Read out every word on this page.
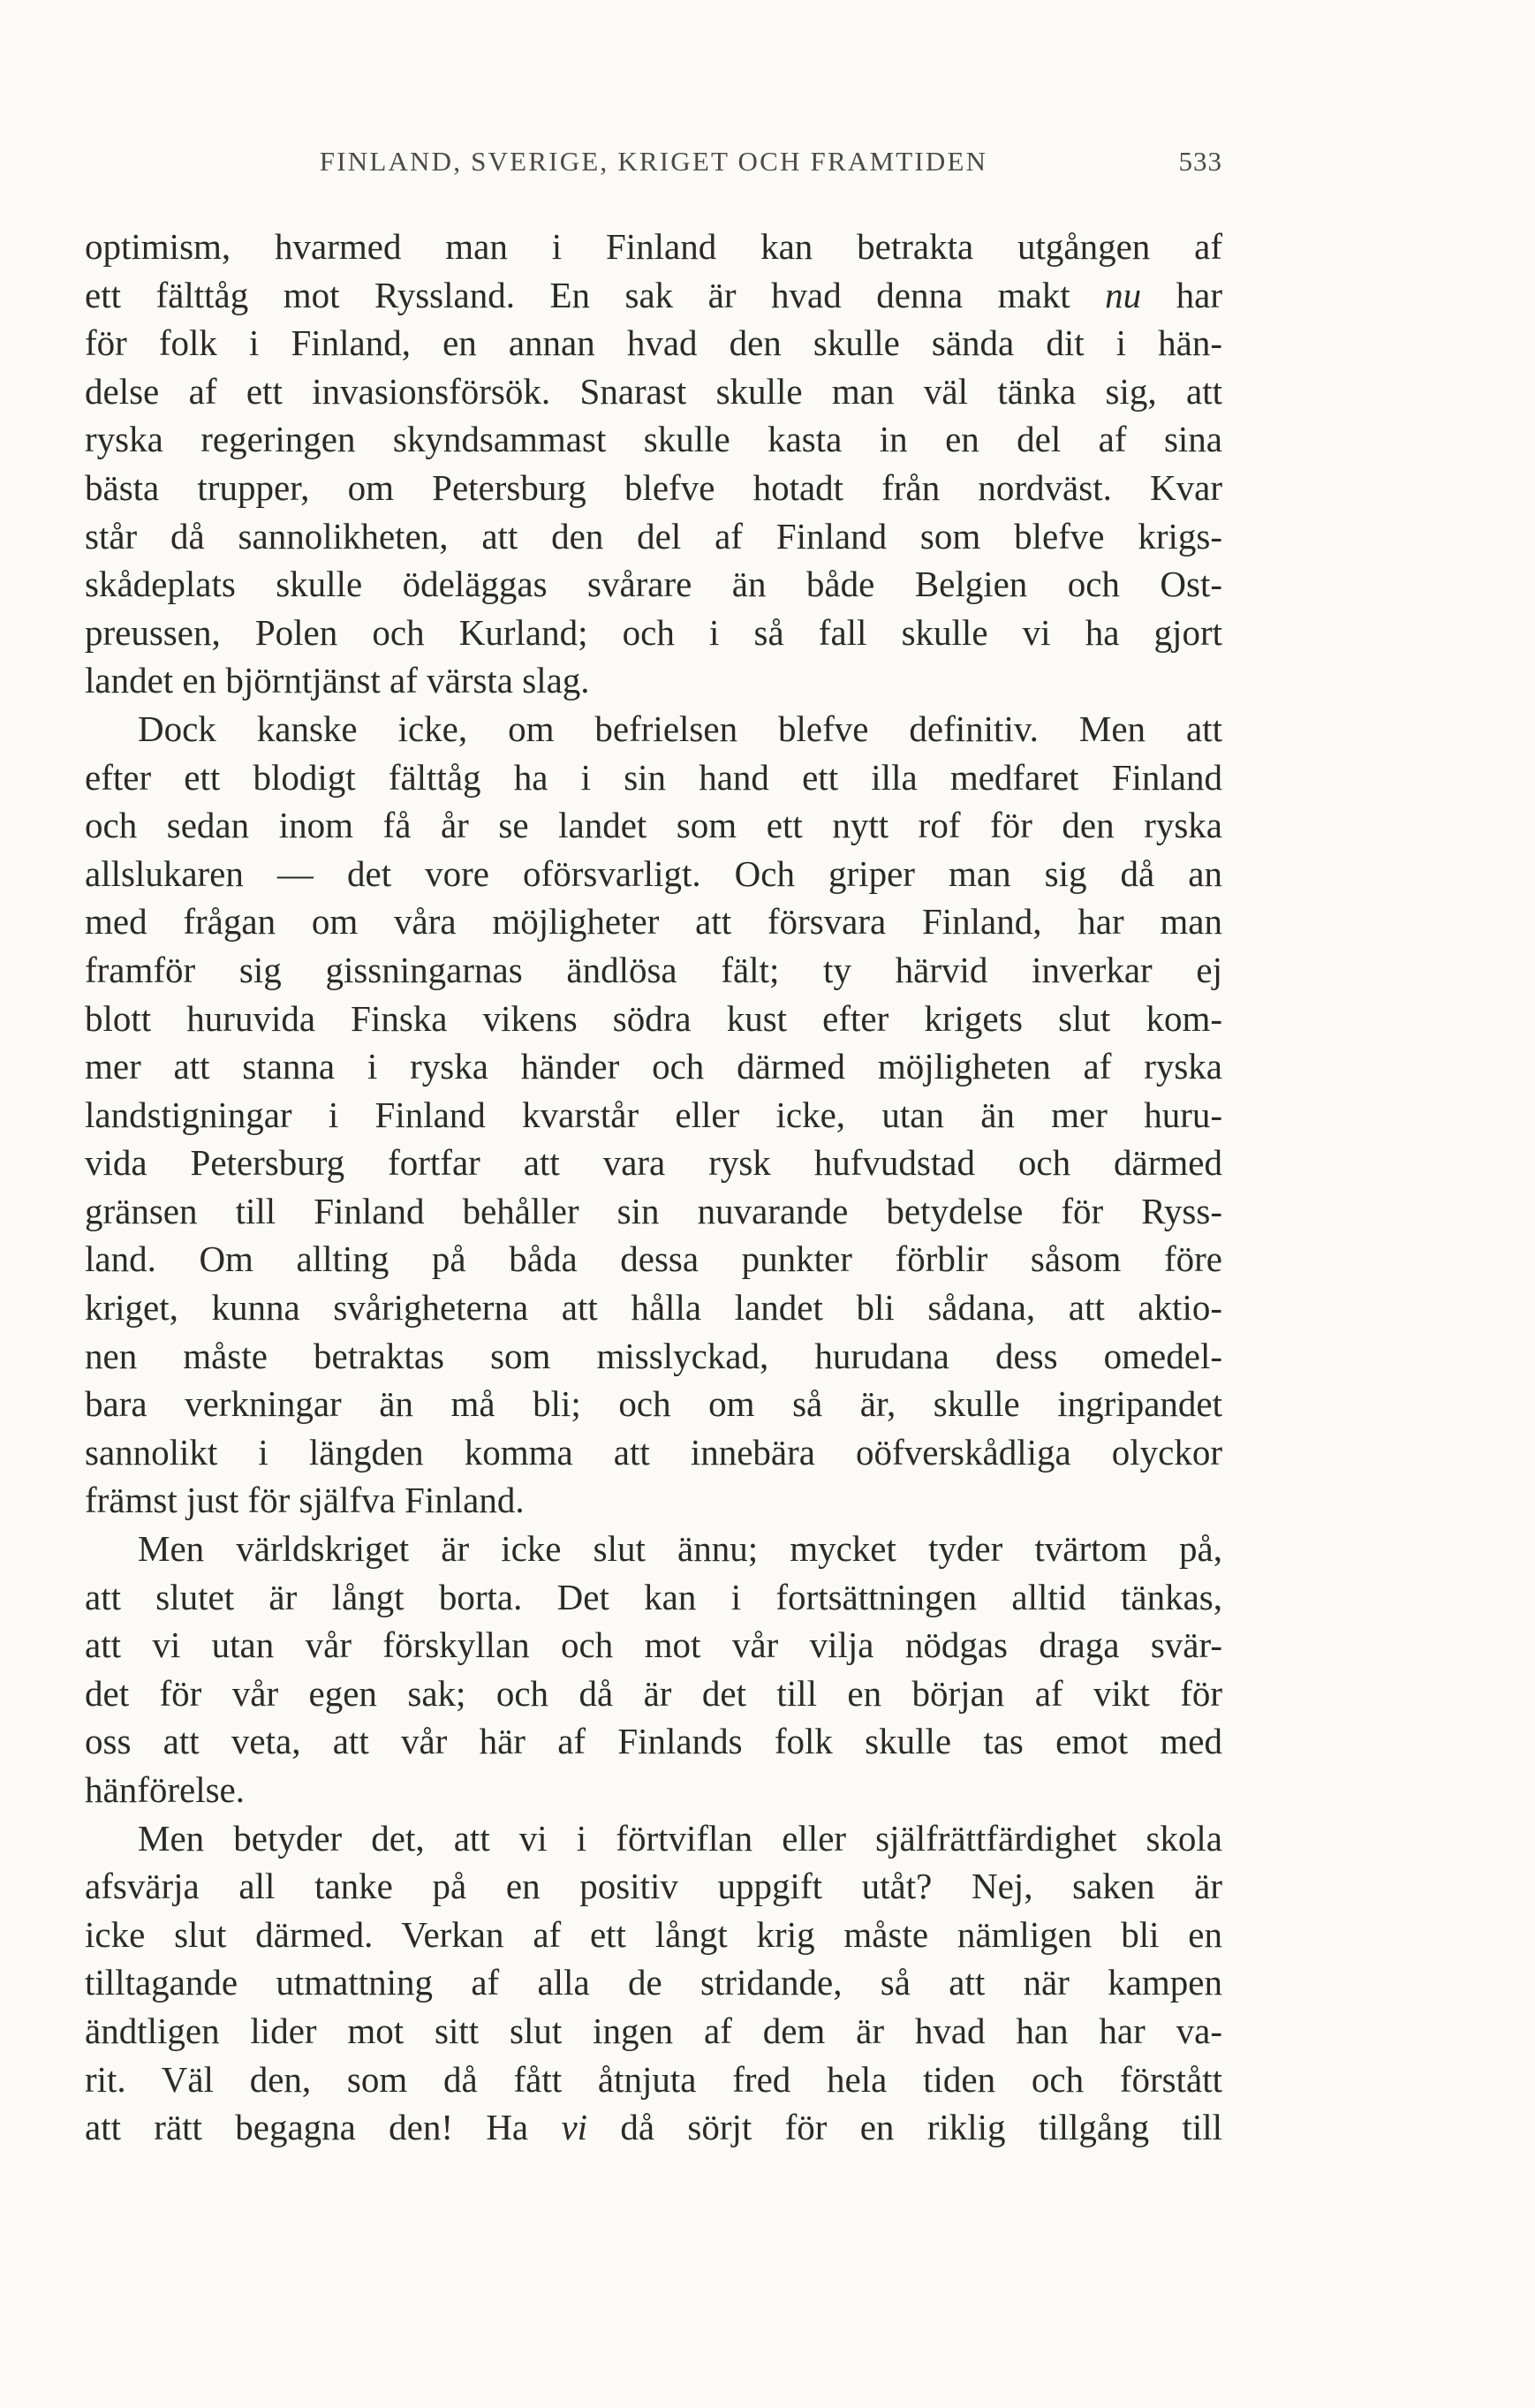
FINLAND, SVERIGE, KRIGET OCH FRAMTIDEN	533
optimism, hvarmed man i Finland kan betrakta utgången af
ett fälttåg mot Ryssland. En sak är hvad denna makt nu har
för folk i Finland, en annan hvad den skulle sända dit i hän-
delse af ett invasionsförsök. Snarast skulle man väl tänka sig, att
ryska regeringen skyndsammast skulle kasta in en del af sina
bästa trupper, om Petersburg blefve hotadt från nordväst. Kvar
står då sannolikheten, att den del af Finland som blefve krigs-
skådeplats skulle ödeläggas svårare än både Belgien och Ost-
preussen, Polen och Kurland; och i så fall skulle vi ha gjort
landet en björntjänst af värsta slag.
Dock kanske icke, om befrielsen blefve definitiv. Men att
efter ett blodigt fälttåg ha i sin hand ett illa medfaret Finland
och sedan inom få år se landet som ett nytt rof för den ryska
allslukaren — det vore oförsvarligt. Och griper man sig då an
med frågan om våra möjligheter att försvara Finland, har man
framför sig gissningarnas ändlösa fält; ty härvid inverkar ej
blott huruvida Finska vikens södra kust efter krigets slut kom-
mer att stanna i ryska händer och därmed möjligheten af ryska
landstigningar i Finland kvarstår eller icke, utan än mer huru-
vida Petersburg fortfar att vara rysk hufvudstad och därmed
gränsen till Finland behåller sin nuvarande betydelse för Ryss-
land. Om allting på båda dessa punkter förblir såsom före
kriget, kunna svårigheterna att hålla landet bli sådana, att aktio-
nen måste betraktas som misslyckad, hurudana dess omedel-
bara verkningar än må bli; och om så är, skulle ingripandet
sannolikt i längden komma att innebära oöfverskådliga olyckor
främst just för själfva Finland.
Men världskriget är icke slut ännu; mycket tyder tvärtom på,
att slutet är långt borta. Det kan i fortsättningen alltid tänkas,
att vi utan vår förskyllan och mot vår vilja nödgas draga svär-
det för vår egen sak; och då är det till en början af vikt för
oss att veta, att vår här af Finlands folk skulle tas emot med
hänförelse.
Men betyder det, att vi i förtviflan eller själfrättfärdighet skola
afsvärja all tanke på en positiv uppgift utåt? Nej, saken är
icke slut därmed. Verkan af ett långt krig måste nämligen bli en
tilltagande utmattning af alla de stridande, så att när kampen
ändtligen lider mot sitt slut ingen af dem är hvad han har va-
rit. Väl den, som då fått åtnjuta fred hela tiden och förstått
att rätt begagna den! Ha vi då sörjt för en riklig tillgång till
